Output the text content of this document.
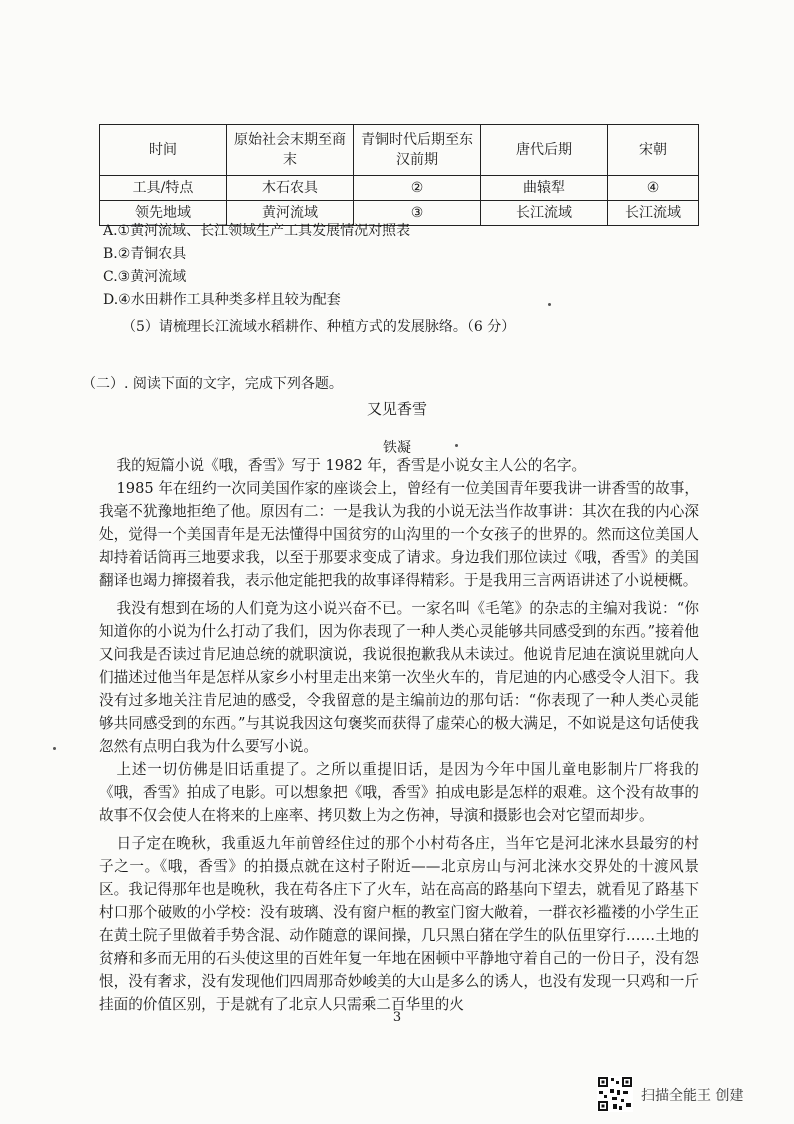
时间	原始社会末期至商末	青铜时代后期至东汉前期	唐代后期	宋朝
工具/特点	木石农具	②	曲辕犁	④
领先地域	黄河流域	③	长江流域	长江流域
A.①黄河流域、长江领域生产工具发展情况对照表
B.②青铜农具
C.③黄河流域
D.④水田耕作工具种类多样且较为配套
（5）请梳理长江流域水稻耕作、种植方式的发展脉络。（6 分）
（二）. 阅读下面的文字，完成下列各题。
又见香雪
铁凝

我的短篇小说《哦，香雪》写于 1982 年，香雪是小说女主人公的名字。

1985 年在纽约一次同美国作家的座谈会上，曾经有一位美国青年要我讲一讲香雪的故事，我毫不犹豫地拒绝了他。原因有二：一是我认为我的小说无法当作故事讲：其次在我的内心深处，觉得一个美国青年是无法懂得中国贫穷的山沟里的一个女孩子的世界的。然而这位美国人却持着话筒再三地要求我，以至于那要求变成了请求。身边我们那位读过《哦，香雪》的美国翻译也竭力撺掇着我，表示他定能把我的故事译得精彩。于是我用三言两语讲述了小说梗概。

我没有想到在场的人们竟为这小说兴奋不已。一家名叫《毛笔》的杂志的主编对我说：“你知道你的小说为什么打动了我们，因为你表现了一种人类心灵能够共同感受到的东西。”接着他又问我是否读过肯尼迪总统的就职演说，我说很抱歉我从未读过。他说肯尼迪在演说里就向人们描述过他当年是怎样从家乡小村里走出来第一次坐火车的，肯尼迪的内心感受令人泪下。我没有过多地关注肯尼迪的感受，令我留意的是主编前边的那句话：“你表现了一种人类心灵能够共同感受到的东西。”与其说我因这句褒奖而获得了虚荣心的极大满足，不如说是这句话使我忽然有点明白我为什么要写小说。

上述一切仿佛是旧话重提了。之所以重提旧话，是因为今年中国儿童电影制片厂将我的《哦，香雪》拍成了电影。可以想象把《哦，香雪》拍成电影是怎样的艰难。这个没有故事的故事不仅会使人在将来的上座率、拷贝数上为之伤神，导演和摄影也会对它望而却步。

日子定在晚秋，我重返九年前曾经住过的那个小村苟各庄，当年它是河北涞水县最穷的村子之一。《哦，香雪》的拍摄点就在这村子附近——北京房山与河北涞水交界处的十渡风景区。我记得那年也是晚秋，我在苟各庄下了火车，站在高高的路基向下望去，就看见了路基下村口那个破败的小学校：没有玻璃、没有窗户框的教室门窗大敞着，一群衣衫褴褛的小学生正在黄土院子里做着手势含混、动作随意的课间操，几只黑白猪在学生的队伍里穿行……土地的贫瘠和多而无用的石头使这里的百姓年复一年地在困顿中平静地守着自己的一份日子，没有怨恨，没有奢求，没有发现他们四周那奇妙峻美的大山是多么的诱人，也没有发现一只鸡和一斤挂面的价值区别，于是就有了北京人只需乘二百华里的火

3
扫描全能王 创建
